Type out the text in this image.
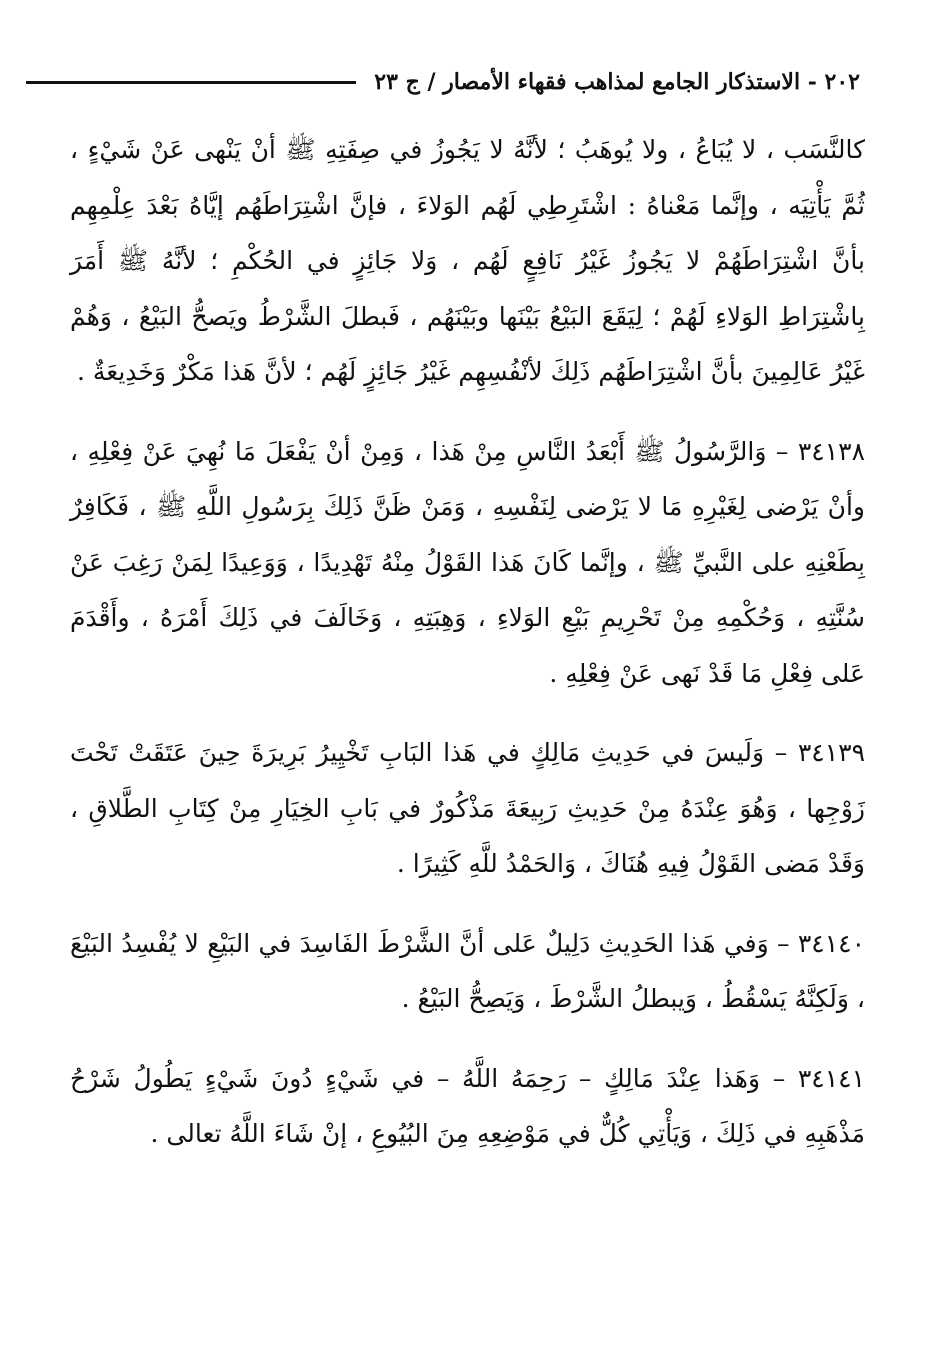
٢٠٢ - الاستذكار الجامع لمذاهب فقهاء الأمصار / ج ٢٣

كالنَّسَب ، لا يُبَاعُ ، ولا يُوهَبُ ؛ لأنَّهُ لا يَجُوزُ في صِفَتِهِ ﷺ أنْ يَنْهى عَنْ شَيْءٍ ، ثُمَّ يَأْتِيَه ، وإنَّما مَعْناهُ : اشْتَرِطِي لَهُم الوَلاءَ ، فإنَّ اشْتِرَاطَهُم إيَّاهُ بَعْدَ عِلْمِهِم بأنَّ اشْتِرَاطَهُمْ لا يَجُوزُ غَيْرُ نَافِعٍ لَهُم ، وَلا جَائِزٍ في الحُكْمِ ؛ لأنَّهُ ﷺ أَمَرَ بِاشْتِرَاطِ الوَلاءِ لَهُمْ ؛ لِيَقَعَ البَيْعُ بَيْنَها وبَيْنَهُم ، فَبطلَ الشَّرْطُ ويَصحُّ البَيْعُ ، وَهُمْ غَيْرُ عَالِمِينَ بأنَّ اشْتِرَاطَهُم ذَلِكَ لأنْفُسِهِم غَيْرُ جَائِزٍ لَهُم ؛ لأنَّ هَذا مَكْرٌ وَخَدِيعَةٌ .

٣٤١٣٨ – وَالرَّسُولُ ﷺ أَبْعَدُ النَّاسِ مِنْ هَذا ، وَمِنْ أنْ يَفْعَلَ مَا نُهِيَ عَنْ فِعْلِهِ ، وأنْ يَرْضى لِغَيْرِهِ مَا لا يَرْضى لِنَفْسِهِ ، وَمَنْ ظَنَّ ذَلِكَ بِرَسُولِ اللَّهِ ﷺ ، فَكَافِرٌ بِطَعْنِهِ على النَّبيِّ ﷺ ، وإنَّما كَانَ هَذا القَوْلُ مِنْهُ تَهْدِيدًا ، وَوَعِيدًا لِمَنْ رَغِبَ عَنْ سُنَّتِهِ ، وَحُكْمِهِ مِنْ تَحْرِيمِ بَيْعِ الوَلاءِ ، وَهِبَتِهِ ، وَخَالَفَ في ذَلِكَ أَمْرَهُ ، وأَقْدَمَ عَلى فِعْلِ مَا قَدْ نَهى عَنْ فِعْلِهِ .

٣٤١٣٩ – وَلَيسَ في حَدِيثِ مَالِكٍ في هَذا البَابِ تَخْيِيرُ بَرِيرَةَ حِينَ عَتَقَتْ تَحْتَ زَوْجِها ، وَهُوَ عِنْدَهُ مِنْ حَدِيثِ رَبِيعَةَ مَذْكُورٌ في بَابِ الخِيَارِ مِنْ كِتَابِ الطَّلاقِ ، وَقَدْ مَضى القَوْلُ فِيهِ هُنَاكَ ، وَالحَمْدُ للَّهِ كَثِيرًا .

٣٤١٤٠ – وَفي هَذا الحَدِيثِ دَلِيلٌ عَلى أنَّ الشَّرْطَ الفَاسِدَ في البَيْعِ لا يُفْسِدُ البَيْعَ ، وَلَكِنَّهُ يَسْقُطُ ، وَيبطلُ الشَّرْطَ ، وَيَصِحُّ البَيْعُ .

٣٤١٤١ – وَهَذا عِنْدَ مَالِكٍ – رَحِمَهُ اللَّهُ – في شَيْءٍ دُونَ شَيْءٍ يَطُولُ شَرْحُ مَذْهَبِهِ في ذَلِكَ ، وَيَأْتِي كُلٌّ في مَوْضِعِهِ مِنَ البُيُوعِ ، إنْ شَاءَ اللَّهُ تعالى .
